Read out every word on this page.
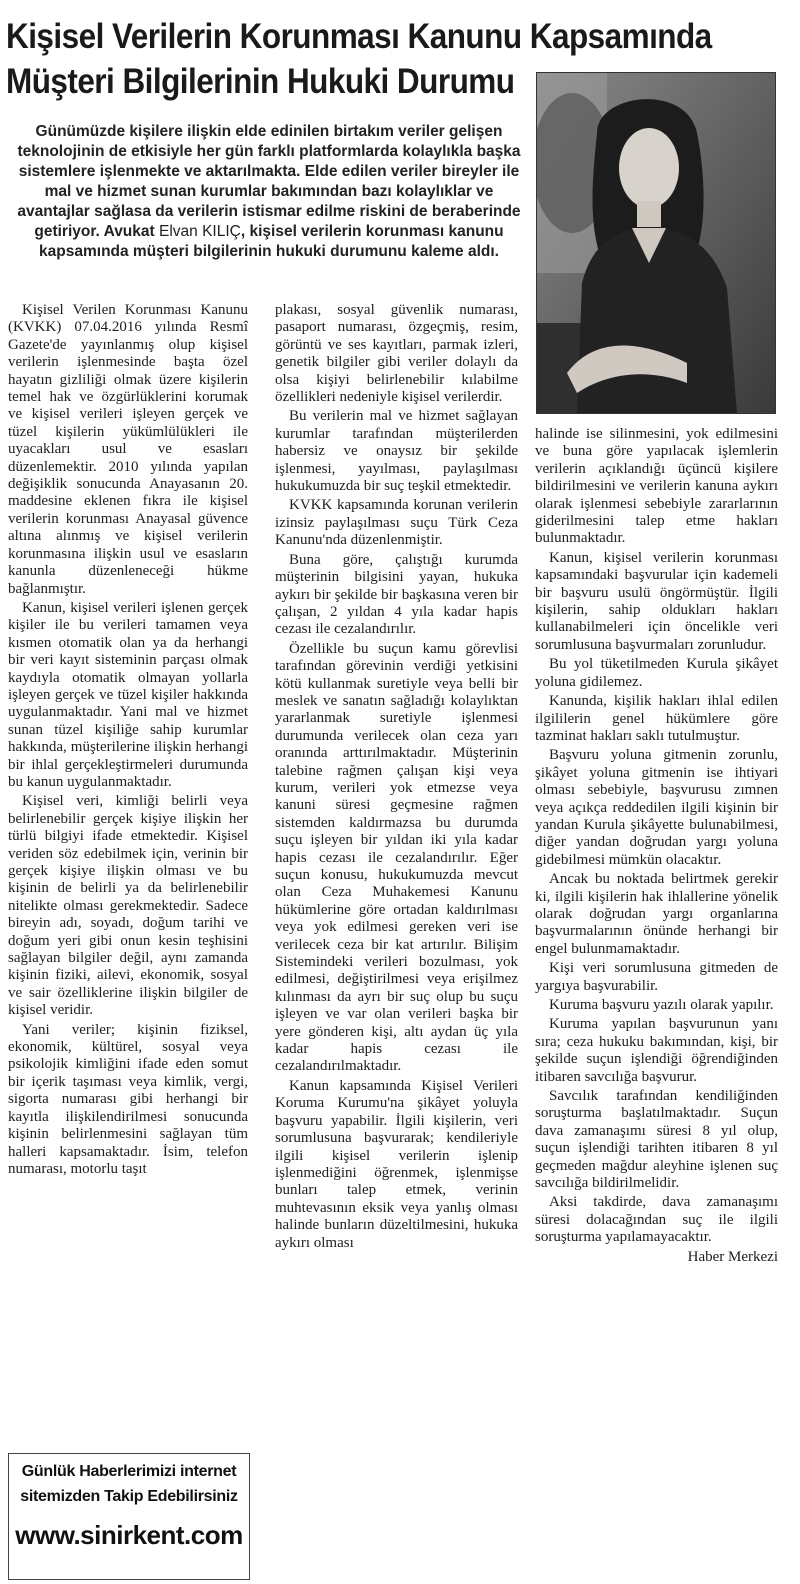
Kişisel Verilerin Korunması Kanunu Kapsamında
Müşteri Bilgilerinin Hukuki Durumu

Günümüzde kişilere ilişkin elde edinilen birtakım veriler gelişen teknolojinin de etkisiyle her gün farklı platformlarda kolaylıkla başka sistemlere işlenmekte ve aktarılmakta. Elde edilen veriler bireyler ile mal ve hizmet sunan kurumlar bakımından bazı kolaylıklar ve avantajlar sağlasa da verilerin istismar edilme riskini de beraberinde getiriyor. Avukat Elvan KILIÇ, kişisel verilerin korunması kanunu kapsamında müşteri bilgilerinin hukuki durumunu kaleme aldı.

Kişisel Verilen Korunması Kanunu (KVKK) 07.04.2016 yılında Resmî Gazete'de yayınlanmış olup kişisel verilerin işlenmesinde başta özel hayatın gizliliği olmak üzere kişilerin temel hak ve özgürlüklerini korumak ve kişisel verileri işleyen gerçek ve tüzel kişilerin yükümlülükleri ile uyacakları usul ve esasları düzenlemektir. 2010 yılında yapılan değişiklik sonucunda Anayasanın 20. maddesine eklenen fıkra ile kişisel verilerin korunması Anayasal güvence altına alınmış ve kişisel verilerin korunmasına ilişkin usul ve esasların kanunla düzenleneceği hükme bağlanmıştır.

Kanun, kişisel verileri işlenen gerçek kişiler ile bu verileri tamamen veya kısmen otomatik olan ya da herhangi bir veri kayıt sisteminin parçası olmak kaydıyla otomatik olmayan yollarla işleyen gerçek ve tüzel kişiler hakkında uygulanmaktadır. Yani mal ve hizmet sunan tüzel kişiliğe sahip kurumlar hakkında, müşterilerine ilişkin herhangi bir ihlal gerçekleştirmeleri durumunda bu kanun uygulanmaktadır.

Kişisel veri, kimliği belirli veya belirlenebilir gerçek kişiye ilişkin her türlü bilgiyi ifade etmektedir. Kişisel veriden söz edebilmek için, verinin bir gerçek kişiye ilişkin olması ve bu kişinin de belirli ya da belirlenebilir nitelikte olması gerekmektedir. Sadece bireyin adı, soyadı, doğum tarihi ve doğum yeri gibi onun kesin teşhisini sağlayan bilgiler değil, aynı zamanda kişinin fiziki, ailevi, ekonomik, sosyal ve sair özelliklerine ilişkin bilgiler de kişisel veridir.

Yani veriler; kişinin fiziksel, ekonomik, kültürel, sosyal veya psikolojik kimliğini ifade eden somut bir içerik taşıması veya kimlik, vergi, sigorta numarası gibi herhangi bir kayıtla ilişkilendirilmesi sonucunda kişinin belirlenmesini sağlayan tüm halleri kapsamaktadır. İsim, telefon numarası, motorlu taşıt

plakası, sosyal güvenlik numarası, pasaport numarası, özgeçmiş, resim, görüntü ve ses kayıtları, parmak izleri, genetik bilgiler gibi veriler dolaylı da olsa kişiyi belirlenebilir kılabilme özellikleri nedeniyle kişisel verilerdir.

Bu verilerin mal ve hizmet sağlayan kurumlar tarafından müşterilerden habersiz ve onaysız bir şekilde işlenmesi, yayılması, paylaşılması hukukumuzda bir suç teşkil etmektedir.

KVKK kapsamında korunan verilerin izinsiz paylaşılması suçu Türk Ceza Kanunu'nda düzenlenmiştir.

Buna göre, çalıştığı kurumda müşterinin bilgisini yayan, hukuka aykırı bir şekilde bir başkasına veren bir çalışan, 2 yıldan 4 yıla kadar hapis cezası ile cezalandırılır.

Özellikle bu suçun kamu görevlisi tarafından görevinin verdiği yetkisini kötü kullanmak suretiyle veya belli bir meslek ve sanatın sağladığı kolaylıktan yararlanmak suretiyle işlenmesi durumunda verilecek olan ceza yarı oranında arttırılmaktadır. Müşterinin talebine rağmen çalışan kişi veya kurum, verileri yok etmezse veya kanuni süresi geçmesine rağmen sistemden kaldırmazsa bu durumda suçu işleyen bir yıldan iki yıla kadar hapis cezası ile cezalandırılır. Eğer suçun konusu, hukukumuzda mevcut olan Ceza Muhakemesi Kanunu hükümlerine göre ortadan kaldırılması veya yok edilmesi gereken veri ise verilecek ceza bir kat artırılır. Bilişim Sistemindeki verileri bozulması, yok edilmesi, değiştirilmesi veya erişilmez kılınması da ayrı bir suç olup bu suçu işleyen ve var olan verileri başka bir yere gönderen kişi, altı aydan üç yıla kadar hapis cezası ile cezalandırılmaktadır.

Kanun kapsamında Kişisel Verileri Koruma Kurumu'na şikâyet yoluyla başvuru yapabilir. İlgili kişilerin, veri sorumlusuna başvurarak; kendileriyle ilgili kişisel verilerin işlenip işlenmediğini öğrenmek, işlenmişse bunları talep etmek, verinin muhtevasının eksik veya yanlış olması halinde bunların düzeltilmesini, hukuka aykırı olması

halinde ise silinmesini, yok edilmesini ve buna göre yapılacak işlemlerin verilerin açıklandığı üçüncü kişilere bildirilmesini ve verilerin kanuna aykırı olarak işlenmesi sebebiyle zararlarının giderilmesini talep etme hakları bulunmaktadır.

Kanun, kişisel verilerin korunması kapsamındaki başvurular için kademeli bir başvuru usulü öngörmüştür. İlgili kişilerin, sahip oldukları hakları kullanabilmeleri için öncelikle veri sorumlusuna başvurmaları zorunludur.

Bu yol tüketilmeden Kurula şikâyet yoluna gidilemez.

Kanunda, kişilik hakları ihlal edilen ilgililerin genel hükümlere göre tazminat hakları saklı tutulmuştur.

Başvuru yoluna gitmenin zorunlu, şikâyet yoluna gitmenin ise ihtiyari olması sebebiyle, başvurusu zımnen veya açıkça reddedilen ilgili kişinin bir yandan Kurula şikâyette bulunabilmesi, diğer yandan doğrudan yargı yoluna gidebilmesi mümkün olacaktır.

Ancak bu noktada belirtmek gerekir ki, ilgili kişilerin hak ihlallerine yönelik olarak doğrudan yargı organlarına başvurmalarının önünde herhangi bir engel bulunmamaktadır.

Kişi veri sorumlusuna gitmeden de yargıya başvurabilir.

Kuruma başvuru yazılı olarak yapılır.

Kuruma yapılan başvurunun yanı sıra; ceza hukuku bakımından, kişi, bir şekilde suçun işlendiği öğrendiğinden itibaren savcılığa başvurur.

Savcılık tarafından kendiliğinden soruşturma başlatılmaktadır. Suçun dava zamanaşımı süresi 8 yıl olup, suçun işlendiği tarihten itibaren 8 yıl geçmeden mağdur aleyhine işlenen suç savcılığa bildirilmelidir.

Aksi takdirde, dava zamanaşımı süresi dolacağından suç ile ilgili soruşturma yapılamayacaktır.

Haber Merkezi

Günlük Haberlerimizi internet
sitemizden Takip Edebilirsiniz
www.sinirkent.com
